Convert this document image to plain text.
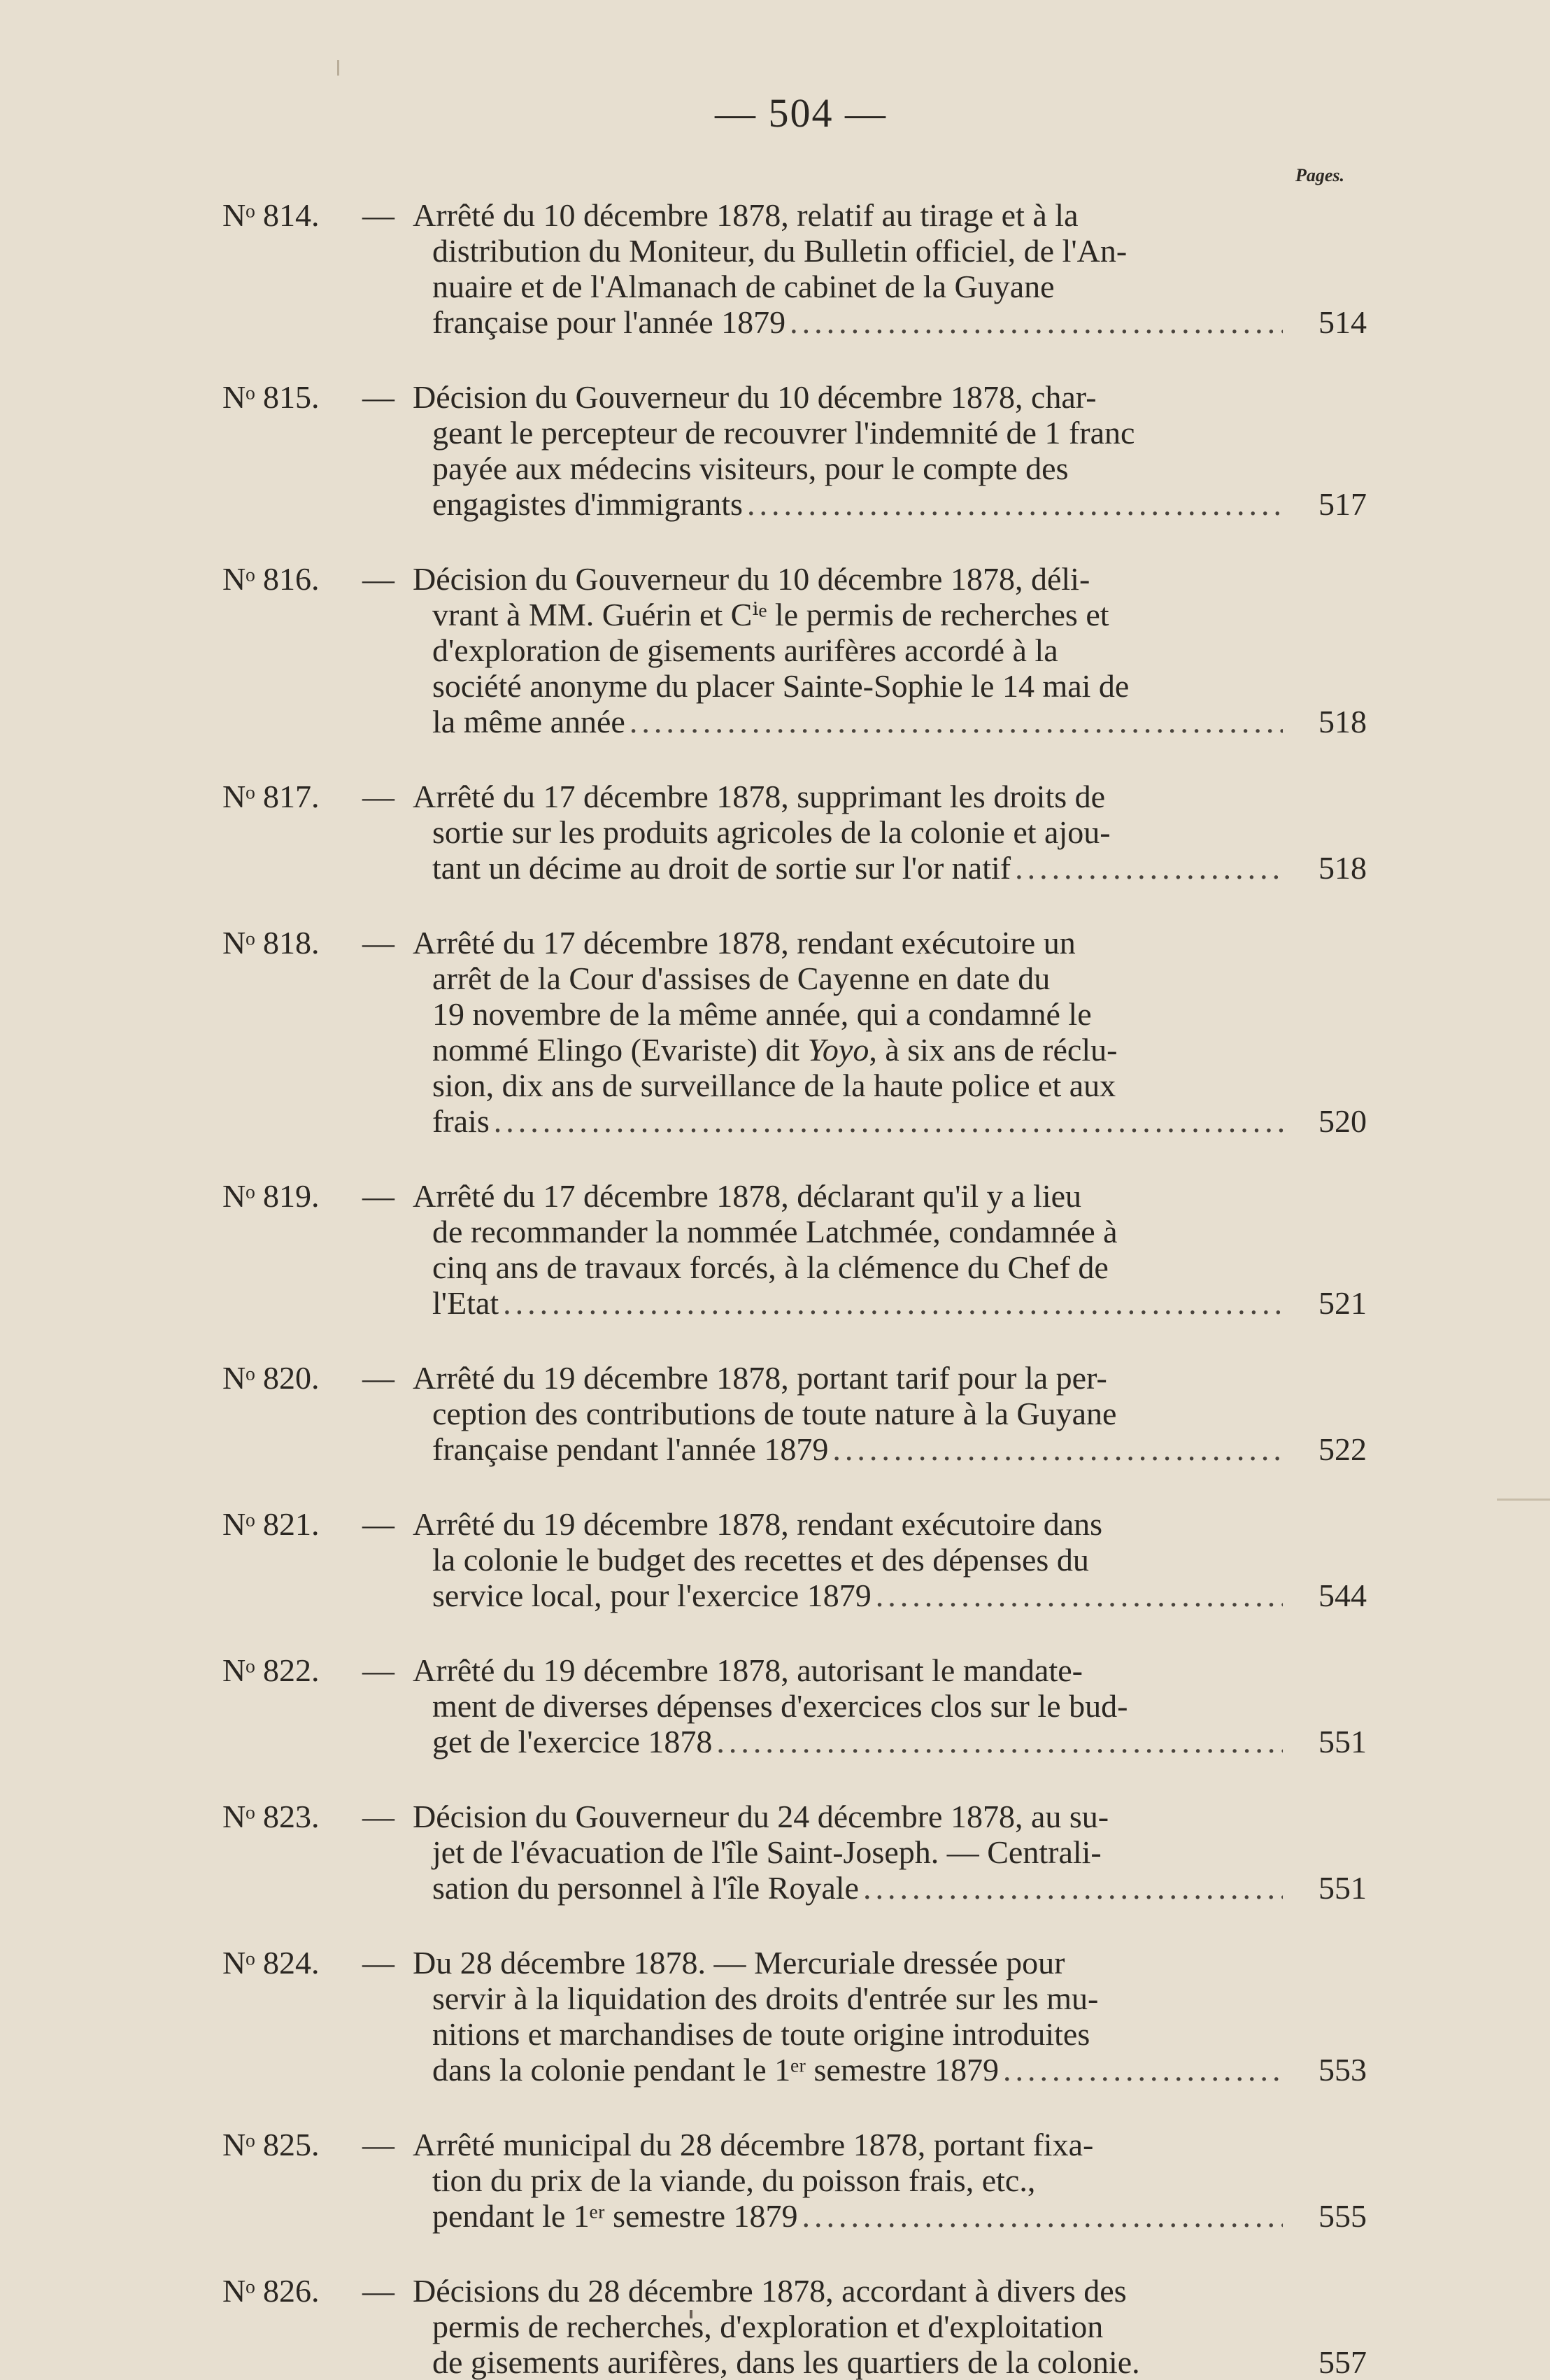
— 504 —
Pages.
Nᵒ 814. — Arrêté du 10 décembre 1878, relatif au tirage et à la
distribution du Moniteur, du Bulletin officiel, de l'An-
nuaire et de l'Almanach de cabinet de la Guyane
française pour l'année 1879 .....	514
Nᵒ 815. — Décision du Gouverneur du 10 décembre 1878, char-
geant le percepteur de recouvrer l'indemnité de 1 franc
payée aux médecins visiteurs, pour le compte des
engagistes d'immigrants .....	517
Nᵒ 816. — Décision du Gouverneur du 10 décembre 1878, déli-
vrant à MM. Guérin et Cⁱᵉ le permis de recherches et
d'exploration de gisements aurifères accordé à la
société anonyme du placer Sainte-Sophie le 14 mai de
la même année .....	518
Nᵒ 817. — Arrêté du 17 décembre 1878, supprimant les droits de
sortie sur les produits agricoles de la colonie et ajou-
tant un décime au droit de sortie sur l'or natif .....	518
Nᵒ 818. — Arrêté du 17 décembre 1878, rendant exécutoire un
arrêt de la Cour d'assises de Cayenne en date du
19 novembre de la même année, qui a condamné le
nommé Elingo (Evariste) dit Yoyo, à six ans de réclu-
sion, dix ans de surveillance de la haute police et aux
frais .....	520
Nᵒ 819. — Arrêté du 17 décembre 1878, déclarant qu'il y a lieu
de recommander la nommée Latchmée, condamnée à
cinq ans de travaux forcés, à la clémence du Chef de
l'Etat .....	521
Nᵒ 820. — Arrêté du 19 décembre 1878, portant tarif pour la per-
ception des contributions de toute nature à la Guyane
française pendant l'année 1879 .....	522
Nᵒ 821. — Arrêté du 19 décembre 1878, rendant exécutoire dans
la colonie le budget des recettes et des dépenses du
service local, pour l'exercice 1879 .....	544
Nᵒ 822. — Arrêté du 19 décembre 1878, autorisant le mandate-
ment de diverses dépenses d'exercices clos sur le bud-
get de l'exercice 1878 .....	551
Nᵒ 823. — Décision du Gouverneur du 24 décembre 1878, au su-
jet de l'évacuation de l'île Saint-Joseph. — Centrali-
sation du personnel à l'île Royale .....	551
Nᵒ 824. — Du 28 décembre 1878. — Mercuriale dressée pour
servir à la liquidation des droits d'entrée sur les mu-
nitions et marchandises de toute origine introduites
dans la colonie pendant le 1ᵉʳ semestre 1879 .....	553
Nᵒ 825. — Arrêté municipal du 28 décembre 1878, portant fixa-
tion du prix de la viande, du poisson frais, etc.,
pendant le 1ᵉʳ semestre 1879 .....	555
Nᵒ 826. — Décisions du 28 décembre 1878, accordant à divers des
permis de recherches, d'exploration et d'exploitation
de gisements aurifères, dans les quartiers de la colonie.	557
